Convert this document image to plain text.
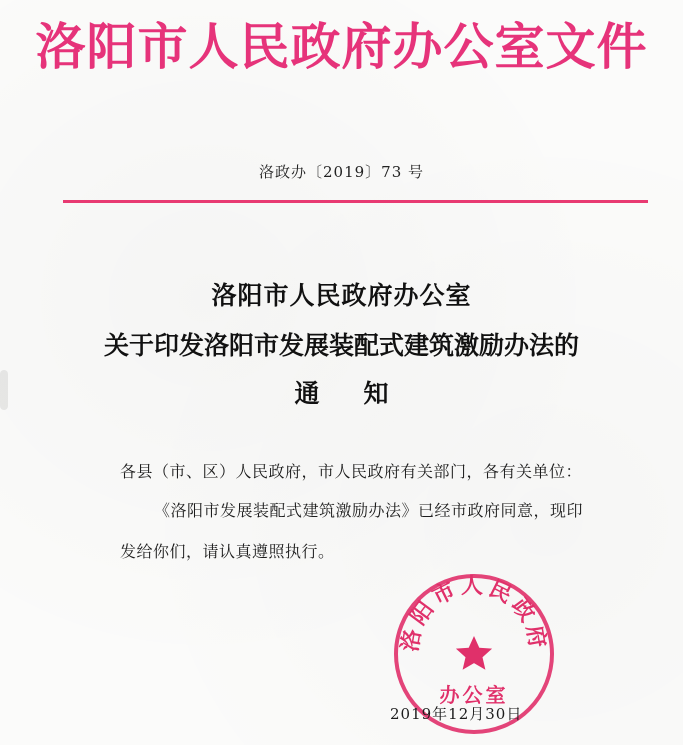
洛阳市人民政府办公室文件
洛政办〔2019〕73 号
洛阳市人民政府办公室
关于印发洛阳市发展装配式建筑激励办法的
通知
各县（市、区）人民政府，市人民政府有关部门，各有关单位：
《洛阳市发展装配式建筑激励办法》已经市政府同意，现印
发给你们，请认真遵照执行。
洛阳市人民政府
办公室
2019年12月30日
